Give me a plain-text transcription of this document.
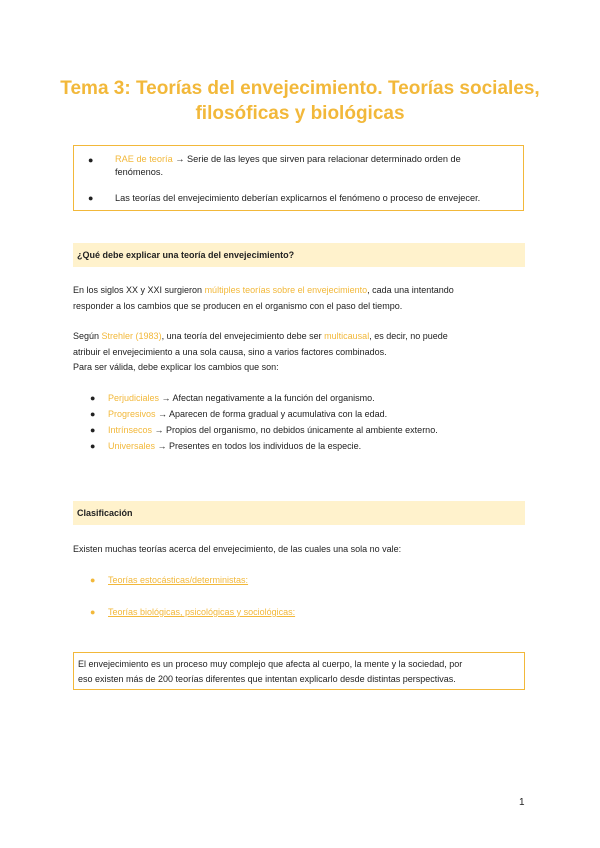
Tema 3: Teorías del envejecimiento. Teorías sociales,
filosóficas y biológicas
● RAE de teoría → Serie de las leyes que sirven para relacionar determinado orden de
fenómenos.
● Las teorías del envejecimiento deberían explicarnos el fenómeno o proceso de envejecer.
¿Qué debe explicar una teoría del envejecimiento?
En los siglos XX y XXI surgieron múltiples teorías sobre el envejecimiento, cada una intentando
responder a los cambios que se producen en el organismo con el paso del tiempo.
Según Strehler (1983), una teoría del envejecimiento debe ser multicausal, es decir, no puede
atribuir el envejecimiento a una sola causa, sino a varios factores combinados.
Para ser válida, debe explicar los cambios que son:
● Perjudiciales → Afectan negativamente a la función del organismo.
● Progresivos → Aparecen de forma gradual y acumulativa con la edad.
● Intrínsecos → Propios del organismo, no debidos únicamente al ambiente externo.
● Universales → Presentes en todos los individuos de la especie.
Clasificación
Existen muchas teorías acerca del envejecimiento, de las cuales una sola no vale:
● Teorías estocásticas/deterministas:
● Teorías biológicas, psicológicas y sociológicas:
El envejecimiento es un proceso muy complejo que afecta al cuerpo, la mente y la sociedad, por
eso existen más de 200 teorías diferentes que intentan explicarlo desde distintas perspectivas.
1
